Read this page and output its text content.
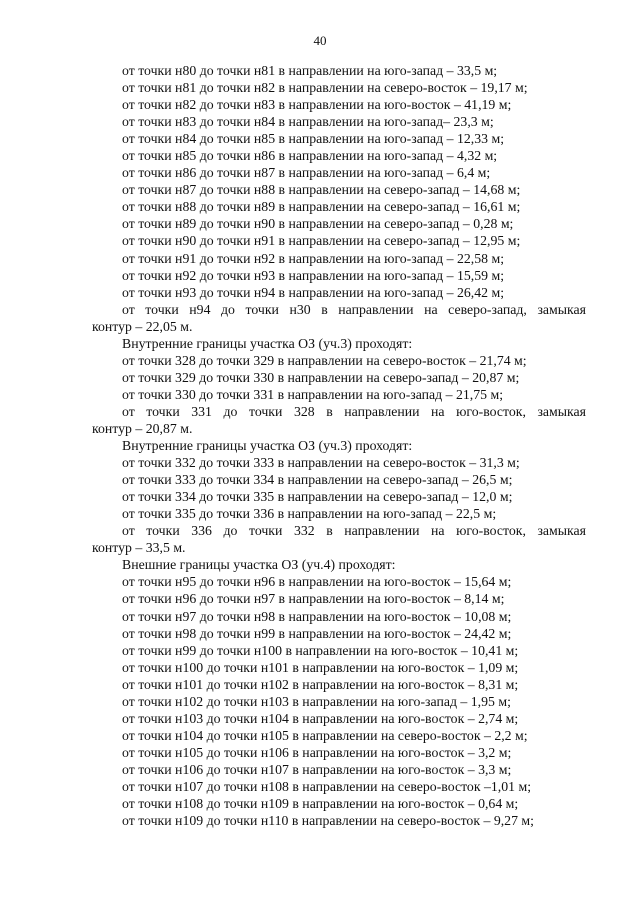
40
от точки н80 до точки н81 в направлении на юго-запад – 33,5 м;
от точки н81 до точки н82 в направлении на северо-восток – 19,17 м;
от точки н82 до точки н83 в направлении на юго-восток – 41,19 м;
от точки н83 до точки н84 в направлении на юго-запад– 23,3 м;
от точки н84 до точки н85 в направлении на юго-запад – 12,33 м;
от точки н85 до точки н86 в направлении на юго-запад – 4,32 м;
от точки н86 до точки н87 в направлении на юго-запад – 6,4 м;
от точки н87 до точки н88 в направлении на северо-запад – 14,68 м;
от точки н88 до точки н89 в направлении на северо-запад – 16,61 м;
от точки н89 до точки н90 в направлении на северо-запад – 0,28 м;
от точки н90 до точки н91 в направлении на северо-запад – 12,95 м;
от точки н91 до точки н92 в направлении на юго-запад – 22,58 м;
от точки н92 до точки н93 в направлении на юго-запад – 15,59 м;
от точки н93 до точки н94 в направлении на юго-запад – 26,42 м;
от точки н94 до точки н30 в направлении на северо-запад, замыкая
контур – 22,05 м.
Внутренние границы участка ОЗ (уч.3) проходят:
от точки 328 до точки 329 в направлении на северо-восток – 21,74 м;
от точки 329 до точки 330 в направлении на северо-запад – 20,87 м;
от точки 330 до точки 331 в направлении на юго-запад – 21,75 м;
от точки 331 до точки 328 в направлении на юго-восток, замыкая
контур – 20,87 м.
Внутренние границы участка ОЗ (уч.3) проходят:
от точки 332 до точки 333 в направлении на северо-восток – 31,3 м;
от точки 333 до точки 334 в направлении на северо-запад – 26,5 м;
от точки 334 до точки 335 в направлении на северо-запад – 12,0 м;
от точки 335 до точки 336 в направлении на юго-запад – 22,5 м;
от точки 336 до точки 332 в направлении на юго-восток, замыкая
контур – 33,5 м.
Внешние границы участка ОЗ (уч.4) проходят:
от точки н95 до точки н96 в направлении на юго-восток – 15,64 м;
от точки н96 до точки н97 в направлении на юго-восток – 8,14 м;
от точки н97 до точки н98 в направлении на юго-восток – 10,08 м;
от точки н98 до точки н99 в направлении на юго-восток – 24,42 м;
от точки н99 до точки н100 в направлении на юго-восток – 10,41 м;
от точки н100 до точки н101 в направлении на юго-восток – 1,09 м;
от точки н101 до точки н102 в направлении на юго-восток – 8,31 м;
от точки н102 до точки н103 в направлении на юго-запад – 1,95 м;
от точки н103 до точки н104 в направлении на юго-восток – 2,74 м;
от точки н104 до точки н105 в направлении на северо-восток – 2,2 м;
от точки н105 до точки н106 в направлении на юго-восток – 3,2 м;
от точки н106 до точки н107 в направлении на юго-восток – 3,3 м;
от точки н107 до точки н108 в направлении на северо-восток –1,01 м;
от точки н108 до точки н109 в направлении на юго-восток – 0,64 м;
от точки н109 до точки н110 в направлении на северо-восток – 9,27 м;
